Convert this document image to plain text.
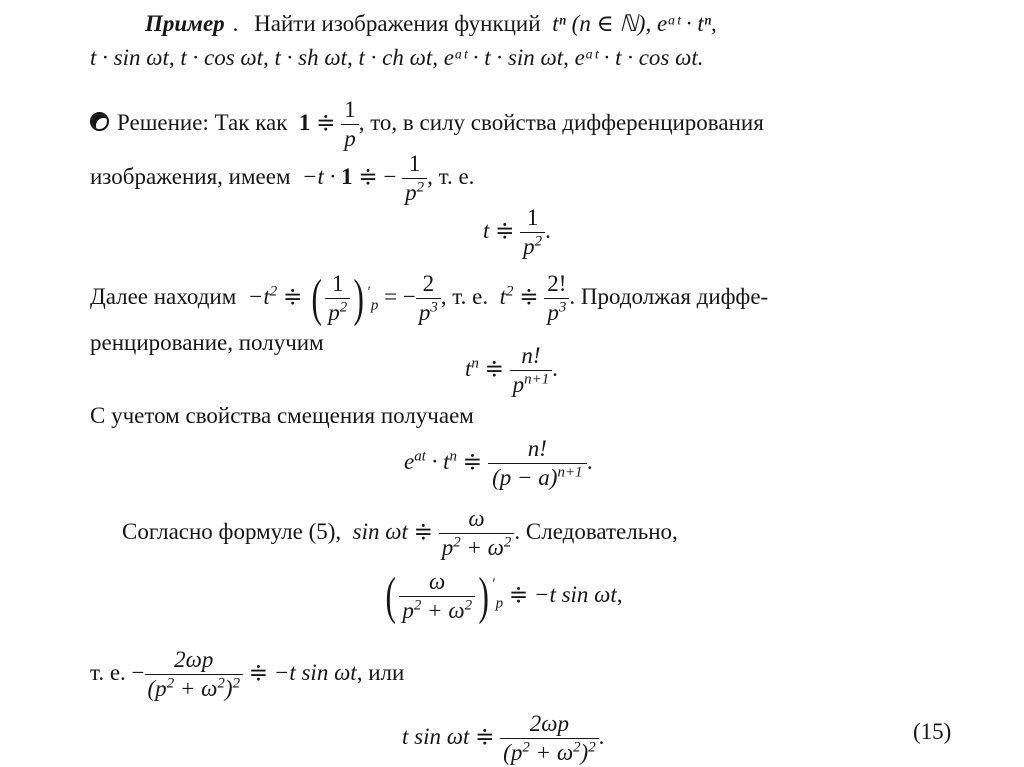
Пример . Найти изображения функций tⁿ (n ∈ ℕ), eᵃᵗ · tⁿ,
t · sin ωt, t · cos ωt, t · sh ωt, t · ch ωt, eᵃᵗ · t · sin ωt, eᵃᵗ · t · cos ωt.
Решение: Так как  1 ≑ $\frac{1}{p}$ , то, в силу свойства дифференцирования
изображения, имеем  −t · 1 ≑ − $\frac{1}{p^2}$ , т. е.
t ≑ $\frac{1}{p^2}$ .
Далее находим  $-t^2$ ≑ ( $\frac{1}{p^2}$ ) ′$_p$ = − $\frac{2}{p^3}$ , т. е.  $t^2$ ≑ $\frac{2!}{p^3}$ . Продолжая диффе-
ренцирование, получим
$t^n$ ≑ $\frac{n!}{p^{n+1}}$ .
С учетом свойства смещения получаем
$e^{at} \cdot t^n$ ≑ $\frac{n!}{(p - a)^{n+1}}$ .
Согласно формуле (5),  sin ωt ≑ $\frac{\omega}{p^2 + \omega^2}$ . Следовательно,
( $\frac{\omega}{p^2 + \omega^2}$ ) ′$_p$ ≑ −t sin ωt,
т. е. − $\frac{2\omega p}{(p^2 + \omega^2)^2}$ ≑ −t sin ωt, или
t sin ωt ≑ $\frac{2\omega p}{(p^2 + \omega^2)^2}$ .	(15)
